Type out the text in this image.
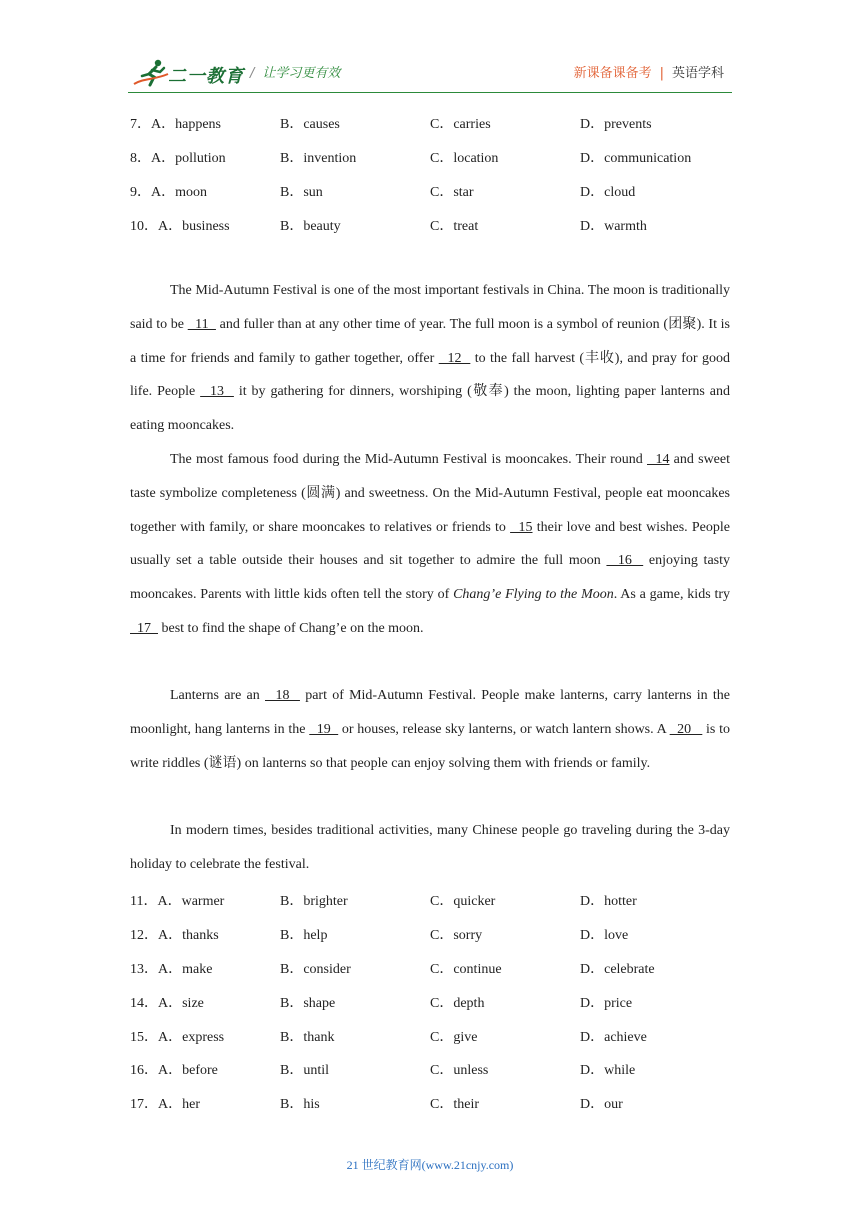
二一教育 / 让学习更有效	新课备课备考 | 英语学科
7．A．happens	B．causes	C．carries	D．prevents
8．A．pollution	B．invention	C．location	D．communication
9．A．moon	B．sun	C．star	D．cloud
10．A．business	B．beauty	C．treat	D．warmth

The Mid-Autumn Festival is one of the most important festivals in China. The moon is traditionally said to be   11   and fuller than at any other time of year. The full moon is a symbol of reunion (团聚). It is a time for friends and family to gather together, offer   12   to the fall harvest (丰收), and pray for good life. People   13   it by gathering for dinners, worshiping (敬奉) the moon, lighting paper lanterns and eating mooncakes.

The most famous food during the Mid-Autumn Festival is mooncakes. Their round   14 and sweet taste symbolize completeness (圆满) and sweetness. On the Mid-Autumn Festival, people eat mooncakes together with family, or share mooncakes to relatives or friends to   15 their love and best wishes. People usually set a table outside their houses and sit together to admire the full moon   16   enjoying tasty mooncakes. Parents with little kids often tell the story of Chang’e Flying to the Moon. As a game, kids try   17   best to find the shape of Chang’e on the moon.

Lanterns are an   18   part of Mid-Autumn Festival. People make lanterns, carry lanterns in the moonlight, hang lanterns in the   19   or houses, release sky lanterns, or watch lantern shows. A   20    is to write riddles (谜语) on lanterns so that people can enjoy solving them with friends or family.

In modern times, besides traditional activities, many Chinese people go traveling during the 3-day holiday to celebrate the festival.

11．A．warmer	B．brighter	C．quicker	D．hotter
12．A．thanks	B．help	C．sorry	D．love
13．A．make	B．consider	C．continue	D．celebrate
14．A．size	B．shape	C．depth	D．price
15．A．express	B．thank	C．give	D．achieve
16．A．before	B．until	C．unless	D．while
17．A．her	B．his	C．their	D．our
21 世纪教育网(www.21cnjy.com)
